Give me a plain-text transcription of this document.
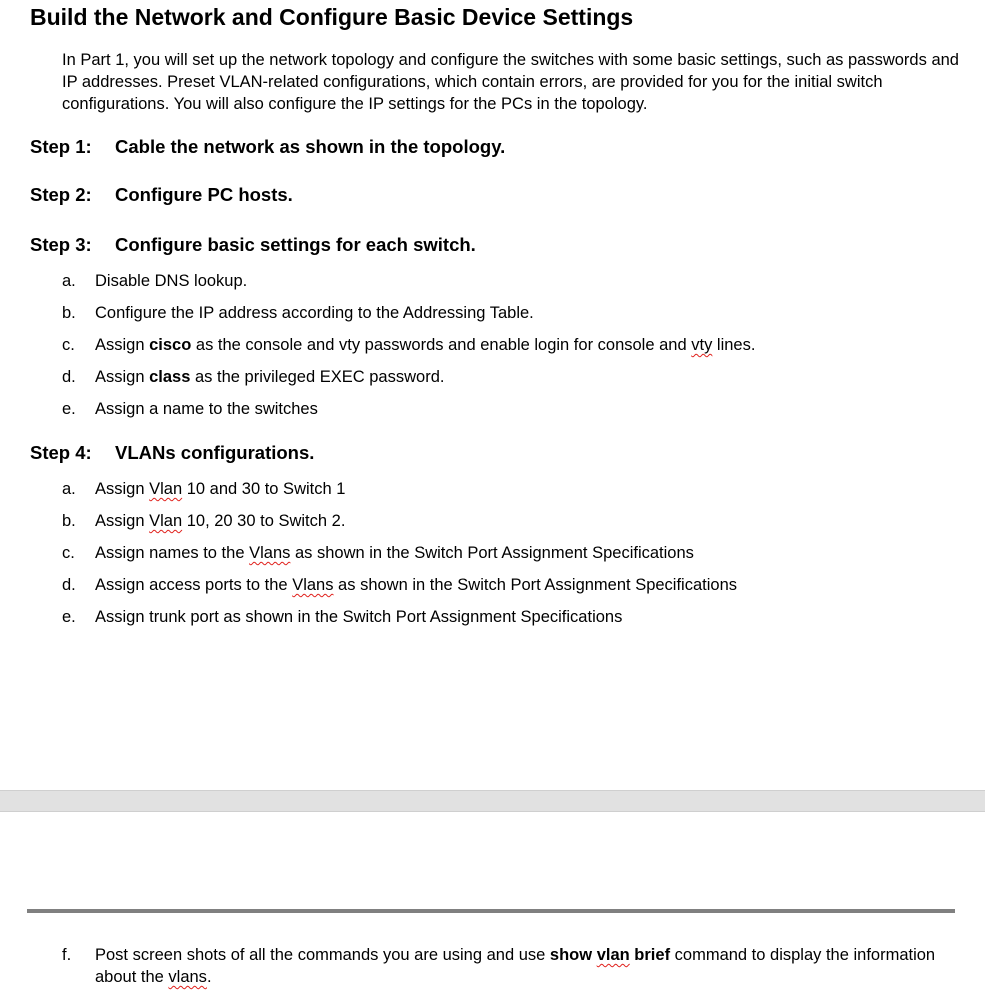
Build the Network and Configure Basic Device Settings

In Part 1, you will set up the network topology and configure the switches with some basic settings, such as passwords and IP addresses. Preset VLAN-related configurations, which contain errors, are provided for you for the initial switch configurations. You will also configure the IP settings for the PCs in the topology.

Step 1: Cable the network as shown in the topology.
Step 2: Configure PC hosts.
Step 3: Configure basic settings for each switch.
a. Disable DNS lookup.
b. Configure the IP address according to the Addressing Table.
c. Assign cisco as the console and vty passwords and enable login for console and vty lines.
d. Assign class as the privileged EXEC password.
e. Assign a name to the switches
Step 4: VLANs configurations.
a. Assign Vlan 10 and 30 to Switch 1
b. Assign Vlan 10, 20 30 to Switch 2.
c. Assign names to the Vlans as shown in the Switch Port Assignment Specifications
d. Assign access ports to the Vlans as shown in the Switch Port Assignment Specifications
e. Assign trunk port as shown in the Switch Port Assignment Specifications
f.	Post screen shots of all the commands you are using and use show vlan brief command to display the information about the vlans.
